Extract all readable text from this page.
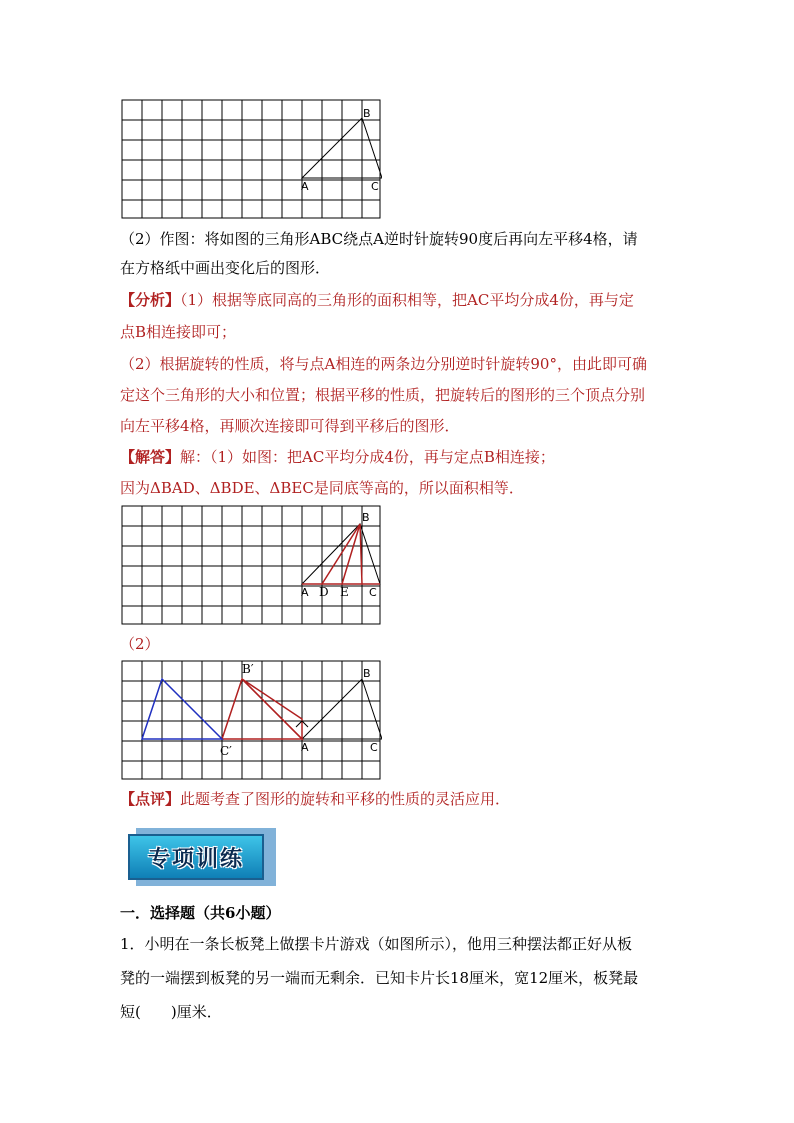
B
A	C
（2）作图：将如图的三角形ABC绕点A逆时针旋转90度后再向左平移4格，请
在方格纸中画出变化后的图形．
【分析】（1）根据等底同高的三角形的面积相等，把AC平均分成4份，再与定
点B相连接即可；
（2）根据旋转的性质，将与点A相连的两条边分别逆时针旋转90°，由此即可确
定这个三角形的大小和位置；根据平移的性质，把旋转后的图形的三个顶点分别
向左平移4格，再顺次连接即可得到平移后的图形．
【解答】解：（1）如图：把AC平均分成4份，再与定点B相连接；
因为ΔBAD、ΔBDE、ΔBEC是同底等高的，所以面积相等．
B
A D E C
（2）
B′	B
C′	A	C
【点评】此题考查了图形的旋转和平移的性质的灵活应用．
专项训练
一．选择题（共6小题）
1．小明在一条长板凳上做摆卡片游戏（如图所示），他用三种摆法都正好从板
凳的一端摆到板凳的另一端而无剩余．已知卡片长18厘米，宽12厘米，板凳最
短(　　)厘米．
